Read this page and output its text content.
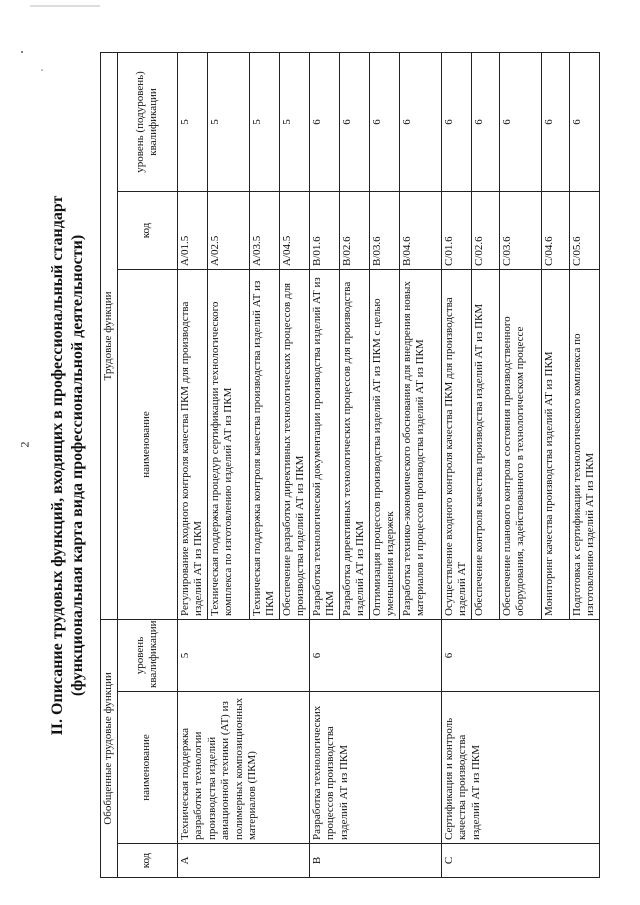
2 II. Описание трудовых функций, входящих в профессиональный стандарт (функциональная карта вида профессиональной деятельности)
Обобщенные трудовые функции			Трудовые функции		
код	наименование	уровень квалификации	наименование	код	уровень (подуровень) квалификации
A	Техническая поддержка разработки технологии производства изделий авиационной техники (АТ) из полимерных композиционных материалов (ПКМ)	5	Регулирование входного контроля качества ПКМ для производства изделий АТ из ПКМ	A/01.5	5
			Техническая поддержка процедур сертификации технологического комплекса по изготовлению изделий АТ из ПКМ	A/02.5	5
			Техническая поддержка контроля качества производства изделий АТ из ПКМ	A/03.5	5
			Обеспечение разработки директивных технологических процессов для производства изделий АТ из ПКМ	A/04.5	5
B	Разработка технологических процессов производства изделий АТ из ПКМ	6	Разработка технологической документации производства изделий АТ из ПКМ	B/01.6	6
			Разработка директивных технологических процессов для производства изделий АТ из ПКМ	B/02.6	6
			Оптимизация процессов производства изделий АТ из ПКМ с целью уменьшения издержек	B/03.6	6
			Разработка технико-экономического обоснования для внедрения новых материалов и процессов производства изделий АТ из ПКМ	B/04.6	6
C	Сертификация и контроль качества производства изделий АТ из ПКМ	6	Осуществление входного контроля качества ПКМ для производства изделий АТ	C/01.6	6
			Обеспечение контроля качества производства изделий АТ из ПКМ	C/02.6	6
			Обеспечение планового контроля состояния производственного оборудования, задействованного в технологическом процессе	C/03.6	6
			Мониторинг качества производства изделий АТ из ПКМ	C/04.6	6
			Подготовка к сертификации технологического комплекса по изготовлению изделий АТ из ПКМ	C/05.6	6
